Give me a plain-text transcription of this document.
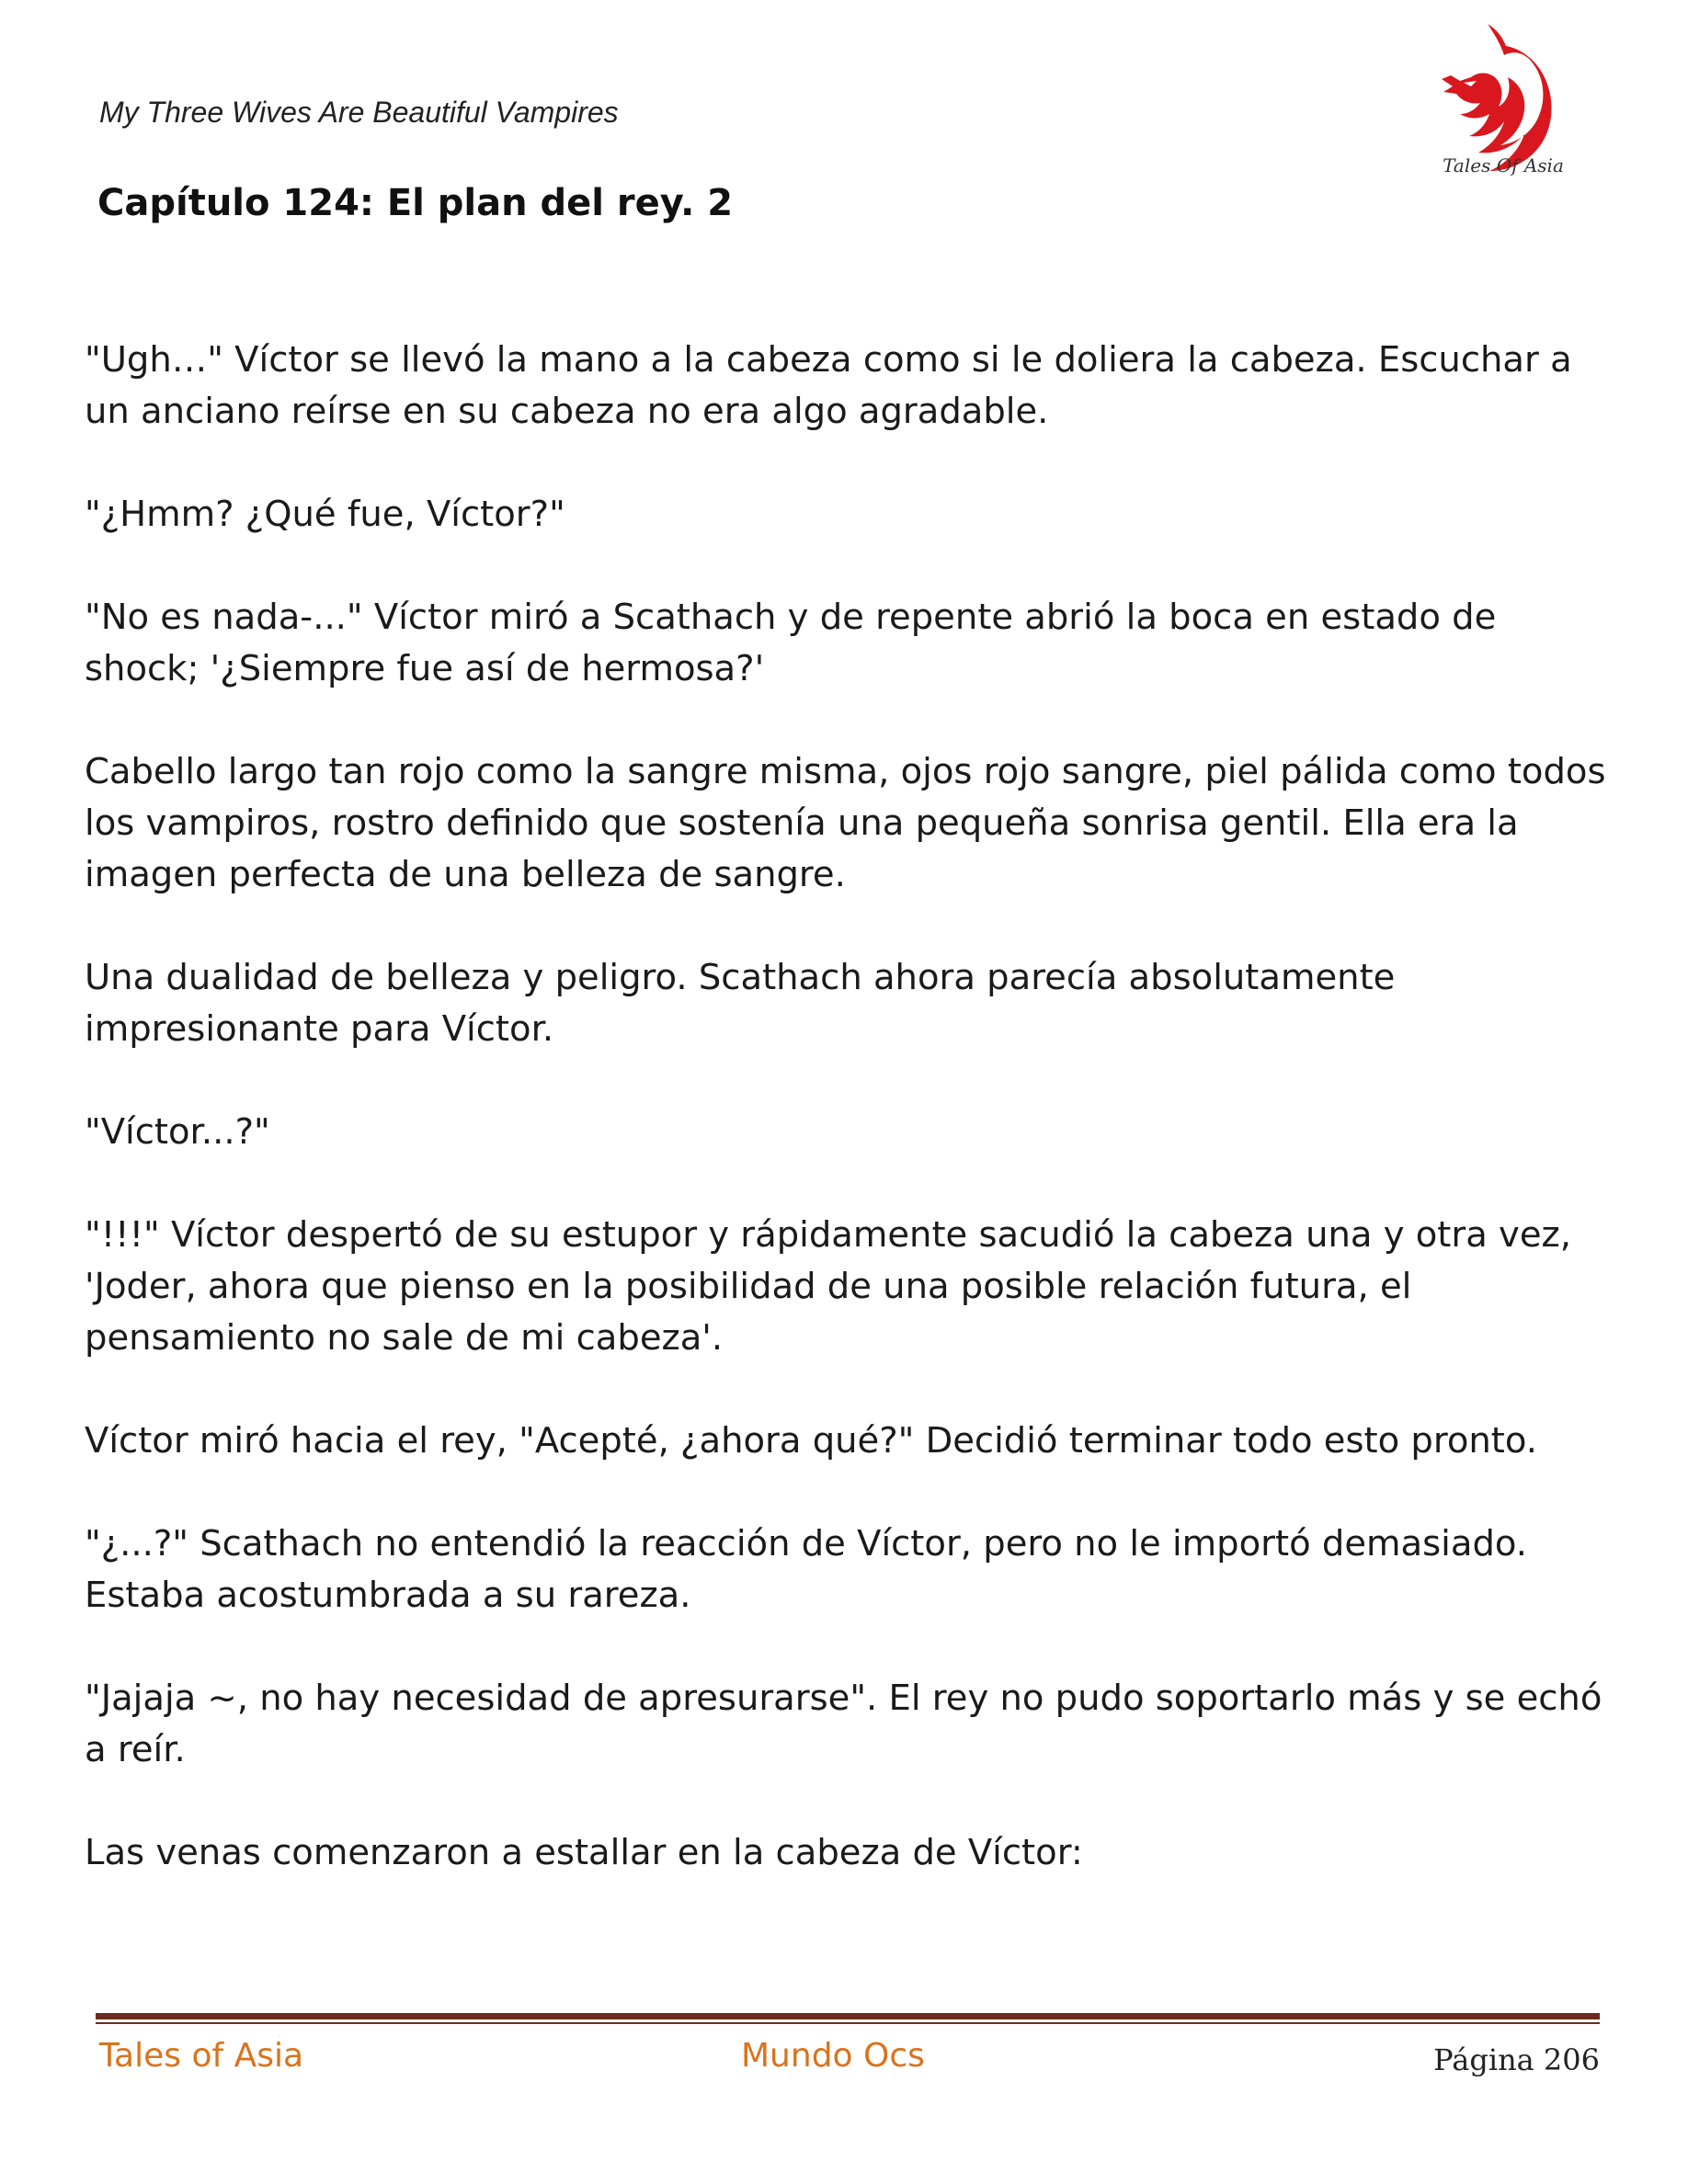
My Three Wives Are Beautiful Vampires
Capítulo 124: El plan del rey. 2
Tales Of Asia

"Ugh…" Víctor se llevó la mano a la cabeza como si le doliera la cabeza. Escuchar a un anciano reírse en su cabeza no era algo agradable.

"¿Hmm? ¿Qué fue, Víctor?"

"No es nada-..." Víctor miró a Scathach y de repente abrió la boca en estado de shock; '¿Siempre fue así de hermosa?'

Cabello largo tan rojo como la sangre misma, ojos rojo sangre, piel pálida como todos los vampiros, rostro definido que sostenía una pequeña sonrisa gentil. Ella era la imagen perfecta de una belleza de sangre.

Una dualidad de belleza y peligro. Scathach ahora parecía absolutamente impresionante para Víctor.

"Víctor...?"

"!!!" Víctor despertó de su estupor y rápidamente sacudió la cabeza una y otra vez, 'Joder, ahora que pienso en la posibilidad de una posible relación futura, el pensamiento no sale de mi cabeza'.

Víctor miró hacia el rey, "Acepté, ¿ahora qué?" Decidió terminar todo esto pronto.

"¿...?" Scathach no entendió la reacción de Víctor, pero no le importó demasiado. Estaba acostumbrada a su rareza.

"Jajaja ~, no hay necesidad de apresurarse". El rey no pudo soportarlo más y se echó a reír.

Las venas comenzaron a estallar en la cabeza de Víctor:

Tales of Asia	Mundo Ocs	Página 206
